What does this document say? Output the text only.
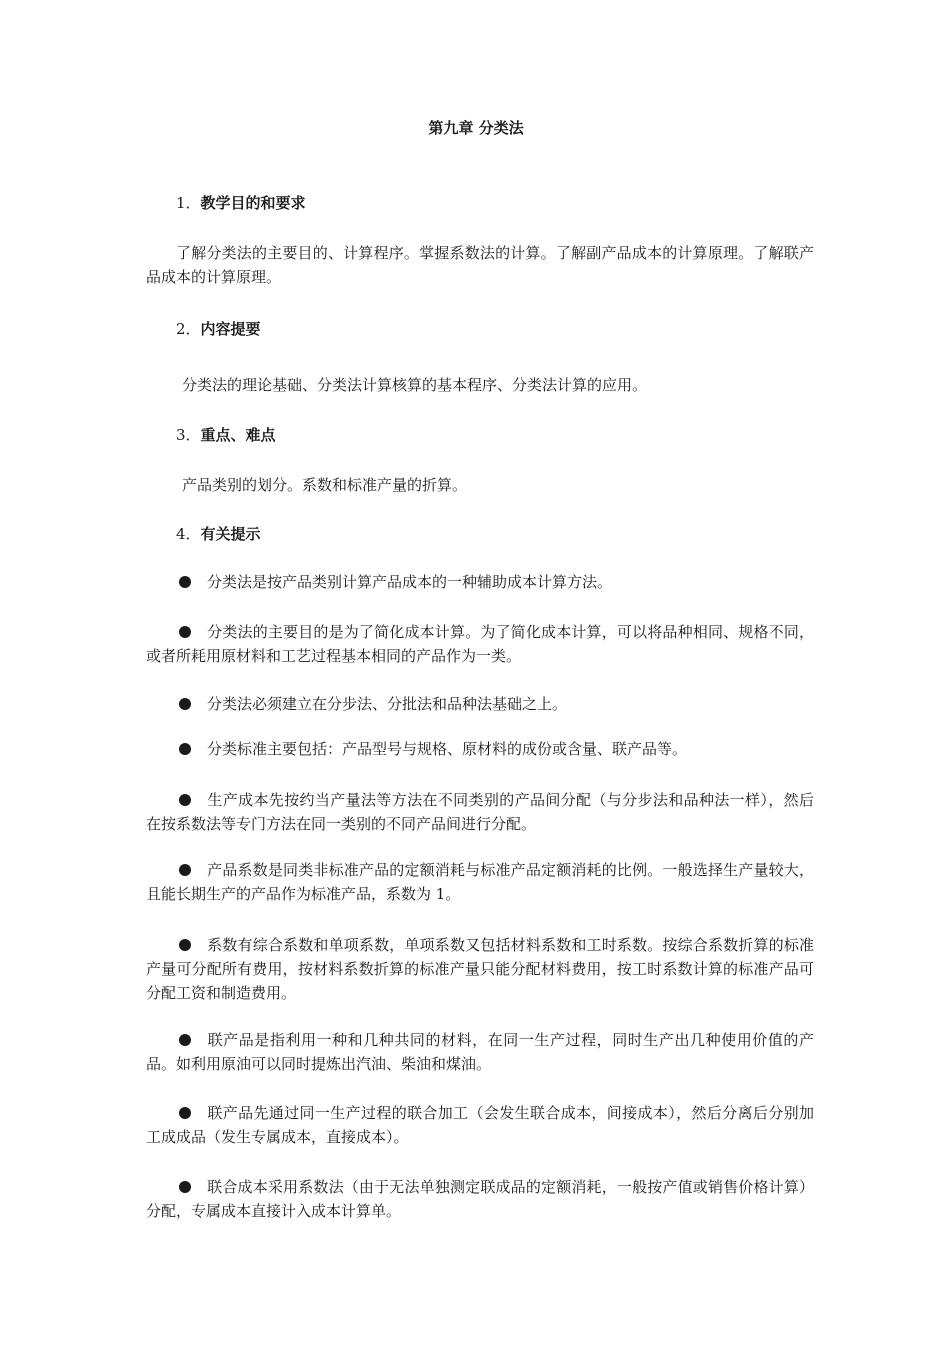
第九章 分类法
1．教学目的和要求
了解分类法的主要目的、计算程序。掌握系数法的计算。了解副产品成本的计算原理。了解联产品成本的计算原理。
2．内容提要
分类法的理论基础、分类法计算核算的基本程序、分类法计算的应用。
3．重点、难点
产品类别的划分。系数和标准产量的折算。
4．有关提示
分类法是按产品类别计算产品成本的一种辅助成本计算方法。
分类法的主要目的是为了简化成本计算。为了简化成本计算，可以将品种相同、规格不同，或者所耗用原材料和工艺过程基本相同的产品作为一类。
分类法必须建立在分步法、分批法和品种法基础之上。
分类标准主要包括：产品型号与规格、原材料的成份或含量、联产品等。
生产成本先按约当产量法等方法在不同类别的产品间分配（与分步法和品种法一样），然后在按系数法等专门方法在同一类别的不同产品间进行分配。
产品系数是同类非标准产品的定额消耗与标准产品定额消耗的比例。一般选择生产量较大，且能长期生产的产品作为标准产品，系数为 1。
系数有综合系数和单项系数，单项系数又包括材料系数和工时系数。按综合系数折算的标准产量可分配所有费用，按材料系数折算的标准产量只能分配材料费用，按工时系数计算的标准产品可分配工资和制造费用。
联产品是指利用一种和几种共同的材料，在同一生产过程，同时生产出几种使用价值的产品。如利用原油可以同时提炼出汽油、柴油和煤油。
联产品先通过同一生产过程的联合加工（会发生联合成本，间接成本），然后分离后分别加工成成品（发生专属成本，直接成本）。
联合成本采用系数法（由于无法单独测定联成品的定额消耗，一般按产值或销售价格计算）分配，专属成本直接计入成本计算单。
